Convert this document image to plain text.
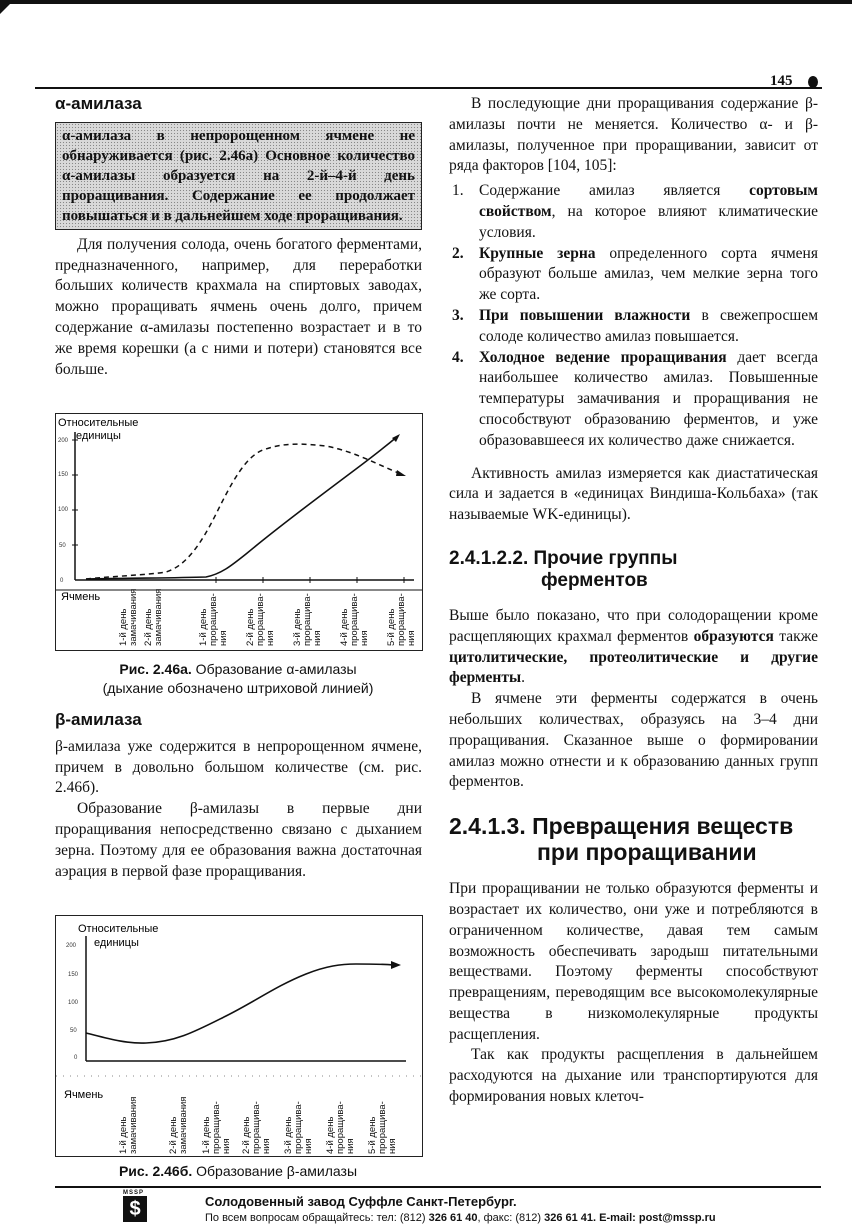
145
α-амилаза
α-амилаза в непророщенном ячмене не обнаруживается (рис. 2.46а) Основное количество α-амилазы образуется на 2-й–4-й день проращивания. Содержание ее продолжает повышаться и в дальнейшем ходе проращивания.

Для получения солода, очень богатого ферментами, предназначенного, например, для переработки больших количеств крахмала на спиртовых заводах, можно проращивать ячмень очень долго, причем содержание α-амилазы постепенно возрастает и в то же время корешки (а с ними и потери) становятся все больше.

Относительные
единицы
0
50
100
150
200
Ячмень
1-й день замачивания 2-й день замачивания	1-й день проращива- ния 2-й день проращива- ния 3-й день проращива- ния 4-й день проращива- ния 5-й день проращива- ния
Рис. 2.46а. Образование α-амилазы
(дыхание обозначено штриховой линией)
β-амилаза

β-амилаза уже содержится в непророщенном ячмене, причем в довольно большом количестве (см. рис. 2.46б).

Образование β-амилазы в первые дни проращивания непосредственно связано с дыханием зерна. Поэтому для ее образования важна достаточная аэрация в первой фазе проращивания.

Относительные
единицы
0
50
100
150
200
Ячмень
1-й день замачивания	2-й день замачивания 1-й день проращива- ния 2-й день проращива- ния 3-й день проращива- ния 4-й день проращива- ния 5-й день проращива- ния
Рис. 2.46б. Образование β-амилазы

В последующие дни проращивания содержание β-амилазы почти не меняется. Количество α- и β-амилазы, полученное при проращивании, зависит от ряда факторов [104, 105]:

1. Содержание амилаз является сортовым свойством, на которое влияют климатические условия.
2. Крупные зерна определенного сорта ячменя образуют больше амилаз, чем мелкие зерна того же сорта.
3. При повышении влажности в свежепросшем солоде количество амилаз повышается.
4. Холодное ведение проращивания дает всегда наибольшее количество амилаз. Повышенные температуры замачивания и проращивания не способствуют образованию ферментов, и уже образовавшееся их количество даже снижается.

Активность амилаз измеряется как диастатическая сила и задается в «единицах Виндиша-Кольбаха» (так называемые WK-единицы).

2.4.1.2.2. Прочие группы
ферментов

Выше было показано, что при солодоращении кроме расщепляющих крахмал ферментов образуются также цитолитические, протеолитические и другие ферменты.

В ячмене эти ферменты содержатся в очень небольших количествах, образуясь на 3–4 дни проращивания. Сказанное выше о формировании амилаз можно отнести и к образованию данных групп ферментов.

2.4.1.3. Превращения веществ
при проращивании

При проращивании не только образуются ферменты и возрастает их количество, они уже и потребляются в ограниченном количестве, давая тем самым возможность обеспечивать зародыш питательными веществами. Поэтому ферменты способствуют превращениям, переводящим все высокомолекулярные вещества в низкомолекулярные продукты расщепления.

Так как продукты расщепления в дальнейшем расходуются на дыхание или транспортируются для формирования новых клеточ-

MSSP
$	Солодовенный завод Суффле Санкт-Петербург.
По всем вопросам обращайтесь: тел: (812) 326 61 40, факс: (812) 326 61 41. E-mail: post@mssp.ru
